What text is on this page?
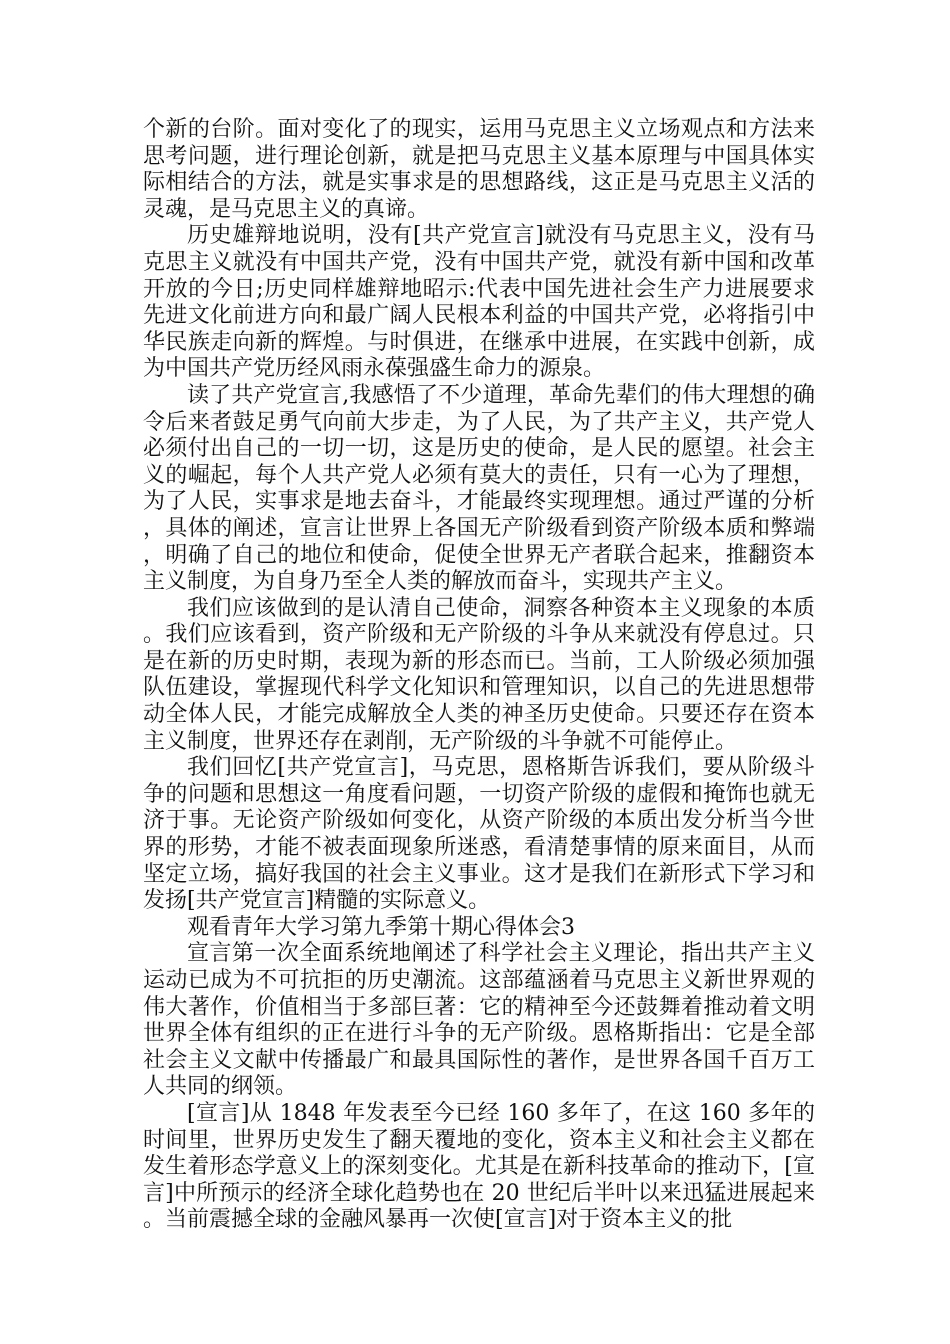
个新的台阶。面对变化了的现实，运用马克思主义立场观点和方法来思考问题，进行理论创新，就是把马克思主义基本原理与中国具体实际相结合的方法，就是实事求是的思想路线，这正是马克思主义活的灵魂，是马克思主义的真谛。

历史雄辩地说明，没有[共产党宣言]就没有马克思主义，没有马克思主义就没有中国共产党，没有中国共产党，就没有新中国和改革开放的今日;历史同样雄辩地昭示:代表中国先进社会生产力进展要求先进文化前进方向和最广阔人民根本利益的中国共产党，必将指引中华民族走向新的辉煌。与时俱进，在继承中进展，在实践中创新，成为中国共产党历经风雨永葆强盛生命力的源泉。

读了共产党宣言,我感悟了不少道理，革命先辈们的伟大理想的确令后来者鼓足勇气向前大步走，为了人民，为了共产主义，共产党人必须付出自己的一切一切，这是历史的使命，是人民的愿望。社会主义的崛起，每个人共产党人必须有莫大的责任，只有一心为了理想，为了人民，实事求是地去奋斗，才能最终实现理想。通过严谨的分析，具体的阐述，宣言让世界上各国无产阶级看到资产阶级本质和弊端，明确了自己的地位和使命，促使全世界无产者联合起来，推翻资本主义制度，为自身乃至全人类的解放而奋斗，实现共产主义。

我们应该做到的是认清自己使命，洞察各种资本主义现象的本质。我们应该看到，资产阶级和无产阶级的斗争从来就没有停息过。只是在新的历史时期，表现为新的形态而已。当前，工人阶级必须加强队伍建设，掌握现代科学文化知识和管理知识，以自己的先进思想带动全体人民，才能完成解放全人类的神圣历史使命。只要还存在资本主义制度，世界还存在剥削，无产阶级的斗争就不可能停止。

我们回忆[共产党宣言]，马克思，恩格斯告诉我们，要从阶级斗争的问题和思想这一角度看问题，一切资产阶级的虚假和掩饰也就无济于事。无论资产阶级如何变化，从资产阶级的本质出发分析当今世界的形势，才能不被表面现象所迷惑，看清楚事情的原来面目，从而坚定立场，搞好我国的社会主义事业。这才是我们在新形式下学习和发扬[共产党宣言]精髓的实际意义。

观看青年大学习第九季第十期心得体会3

宣言第一次全面系统地阐述了科学社会主义理论，指出共产主义运动已成为不可抗拒的历史潮流。这部蕴涵着马克思主义新世界观的伟大著作，价值相当于多部巨著：它的精神至今还鼓舞着推动着文明世界全体有组织的正在进行斗争的无产阶级。恩格斯指出：它是全部社会主义文献中传播最广和最具国际性的著作，是世界各国千百万工人共同的纲领。

[宣言]从 1848 年发表至今已经 160 多年了，在这 160 多年的时间里，世界历史发生了翻天覆地的变化，资本主义和社会主义都在发生着形态学意义上的深刻变化。尤其是在新科技革命的推动下，[宣言]中所预示的经济全球化趋势也在 20 世纪后半叶以来迅猛进展起来。当前震撼全球的金融风暴再一次使[宣言]对于资本主义的批
